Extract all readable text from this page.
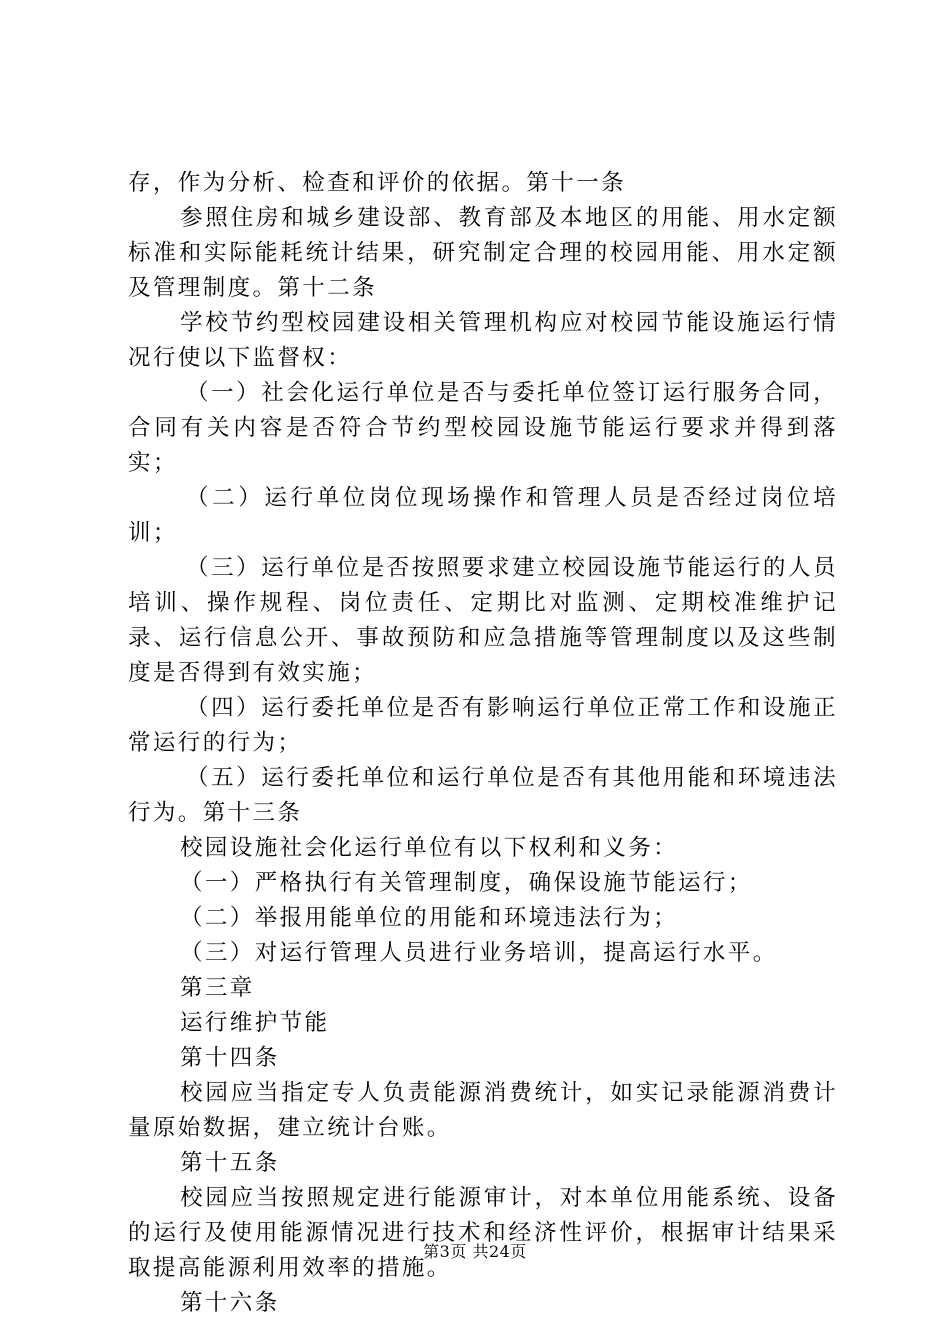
存，作为分析、检查和评价的依据。第十一条

参照住房和城乡建设部、教育部及本地区的用能、用水定额标准和实际能耗统计结果，研究制定合理的校园用能、用水定额及管理制度。第十二条

学校节约型校园建设相关管理机构应对校园节能设施运行情况行使以下监督权：

（一）社会化运行单位是否与委托单位签订运行服务合同，合同有关内容是否符合节约型校园设施节能运行要求并得到落实；

（二）运行单位岗位现场操作和管理人员是否经过岗位培训；

（三）运行单位是否按照要求建立校园设施节能运行的人员培训、操作规程、岗位责任、定期比对监测、定期校准维护记录、运行信息公开、事故预防和应急措施等管理制度以及这些制度是否得到有效实施；

（四）运行委托单位是否有影响运行单位正常工作和设施正常运行的行为；

（五）运行委托单位和运行单位是否有其他用能和环境违法行为。第十三条

校园设施社会化运行单位有以下权利和义务：

（一）严格执行有关管理制度，确保设施节能运行；

（二）举报用能单位的用能和环境违法行为；

（三）对运行管理人员进行业务培训，提高运行水平。

第三章

运行维护节能

第十四条

校园应当指定专人负责能源消费统计，如实记录能源消费计量原始数据，建立统计台账。

第十五条

校园应当按照规定进行能源审计，对本单位用能系统、设备的运行及使用能源情况进行技术和经济性评价，根据审计结果采取提高能源利用效率的措施。

第十六条

第3页 共24页
